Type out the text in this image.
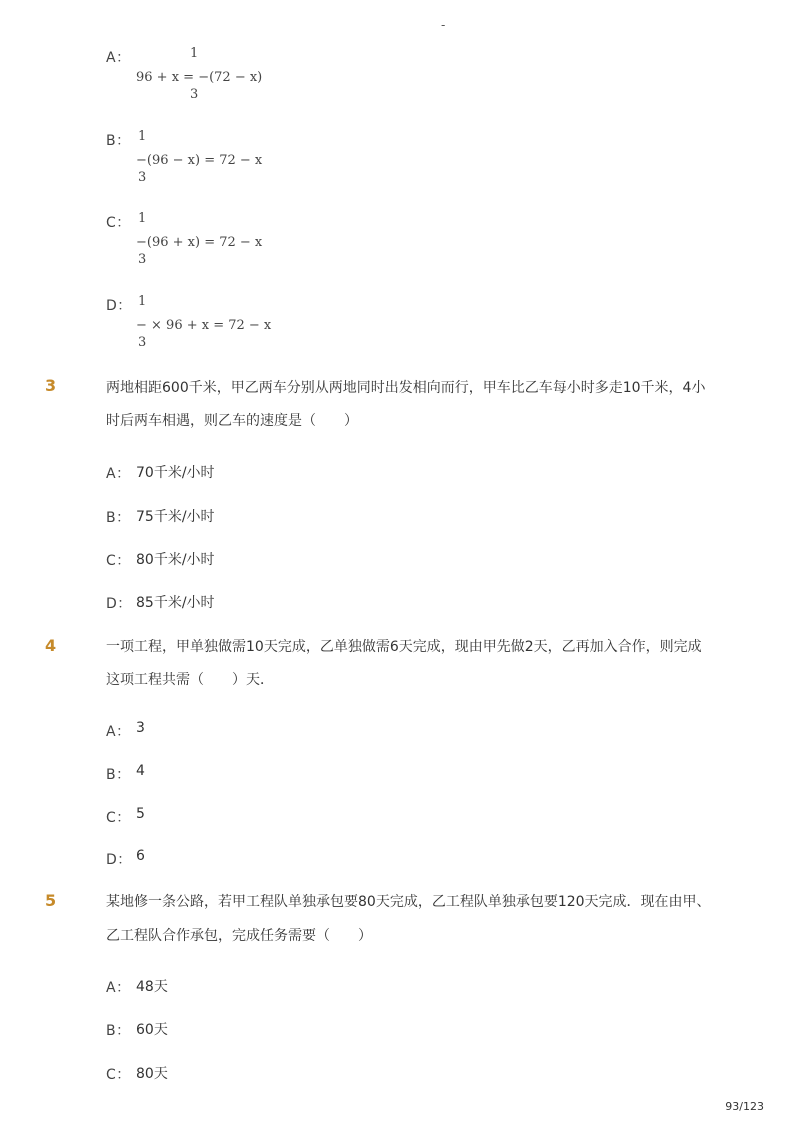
-
A：	1
96 + x = −(72 − x)
3
B： 1
−(96 − x) = 72 − x
3
C： 1
−(96 + x) = 72 − x
3
D： 1
− × 96 + x = 72 − x
3
3	两地相距600千米，甲乙两车分别从两地同时出发相向而行，甲车比乙车每小时多走10千米，4小
时后两车相遇，则乙车的速度是（　　）
A： 70千米/小时
B： 75千米/小时
C： 80千米/小时
D： 85千米/小时
4	一项工程，甲单独做需10天完成，乙单独做需6天完成，现由甲先做2天，乙再加入合作，则完成
这项工程共需（　　）天．
A： 3
B： 4
C： 5
D： 6
5	某地修一条公路，若甲工程队单独承包要80天完成，乙工程队单独承包要120天完成．现在由甲、
乙工程队合作承包，完成任务需要（　　）
A： 48天
B： 60天
C： 80天
93/123
